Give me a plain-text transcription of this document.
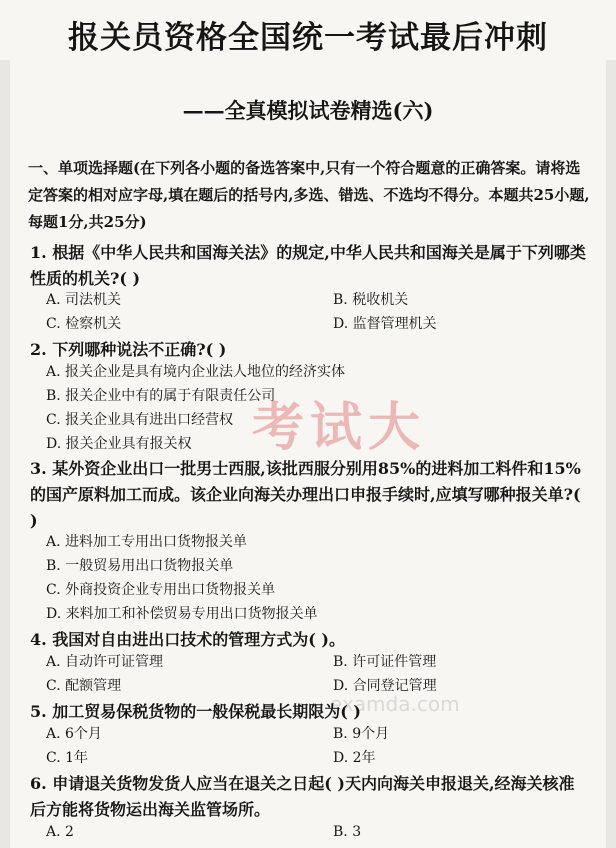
报关员资格全国统一考试最后冲刺
——全真模拟试卷精选(六)
一、单项选择题(在下列各小题的备选答案中,只有一个符合题意的正确答案。请将选定答案的相对应字母,填在题后的括号内,多选、错选、不选均不得分。本题共25小题,每题1分,共25分)
1. 根据《中华人民共和国海关法》的规定,中华人民共和国海关是属于下列哪类性质的机关?( )
A. 司法机关	B. 税收机关
C. 检察机关	D. 监督管理机关
2. 下列哪种说法不正确?( )
A. 报关企业是具有境内企业法人地位的经济实体
B. 报关企业中有的属于有限责任公司
C. 报关企业具有进出口经营权
D. 报关企业具有报关权 考试大
3. 某外资企业出口一批男士西服,该批西服分别用85%的进料加工料件和15%的国产原料加工而成。该企业向海关办理出口申报手续时,应填写哪种报关单?( )
A. 进料加工专用出口货物报关单
B. 一般贸易用出口货物报关单
C. 外商投资企业专用出口货物报关单
D. 来料加工和补偿贸易专用出口货物报关单
4. 我国对自由进出口技术的管理方式为( )。
A. 自动许可证管理	B. 许可证件管理
C. 配额管理	D. 合同登记管理
examda.com
5. 加工贸易保税货物的一般保税最长期限为( )
A. 6个月	B. 9个月
C. 1年	D. 2年
6. 申请退关货物发货人应当在退关之日起( )天内向海关申报退关,经海关核准后方能将货物运出海关监管场所。
A. 2	B. 3
